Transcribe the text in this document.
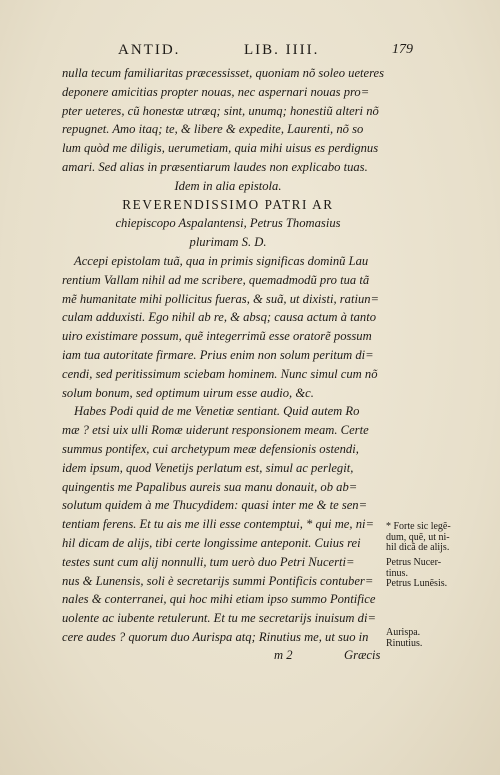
ANTID.	LIB. IIII.	179
nulla tecum familiaritas præcessisset, quoniam nõ soleo ueteres
deponere amicitias propter nouas, nec aspernari nouas pro=
pter ueteres, cũ honestæ utræq; sint, unumq; honestiũ alteri nõ
repugnet. Amo itaq; te, & libere & expedite, Laurenti, nõ so
lum quòd me diligis, uerumetiam, quia mihi uisus es perdignus
amari. Sed alias in præsentiarum laudes non explicabo tuas.
Idem in alia epistola.
REVERENDISSIMO PATRI AR
chiepiscopo Aspalantensi, Petrus Thomasius
plurimam S. D.
Accepi epistolam tuã, qua in primis significas dominũ Lau
rentium Vallam nihil ad me scribere, quemadmodũ pro tua tã
mẽ humanitate mihi pollicitus fueras, & suã, ut dixisti, ratiun=
culam adduxisti. Ego nihil ab re, & absq; causa actum à tanto
uiro existimare possum, quẽ integerrimũ esse oratorẽ possum
iam tua autoritate firmare. Prius enim non solum peritum di=
cendi, sed peritissimum sciebam hominem. Nunc simul cum nõ
solum bonum, sed optimum uirum esse audio, &c.
Habes Podi quid de me Venetiæ sentiant. Quid autem Ro
mæ ? etsi uix ulli Romæ uiderunt responsionem meam. Certe
summus pontifex, cui archetypum meæ defensionis ostendi,
idem ipsum, quod Venetijs perlatum est, simul ac perlegit,
quingentis me Papalibus aureis sua manu donauit, ob ab=
solutum quidem à me Thucydidem: quasi inter me & te sen=
tentiam ferens. Et tu ais me illi esse contemptui, * qui me, ni=
hil dicam de alijs, tibi certe longissime anteponit. Cuius rei
testes sunt cum alij nonnulli, tum uerò duo Petri Nucerti=
nus & Lunensis, soli è secretarijs summi Pontificis contuber=
nales & conterranei, qui hoc mihi etiam ipso summo Pontifice
uolente ac iubente retulerunt. Et tu me secretarijs inuisum di=
cere audes ? quorum duo Aurispa atq; Rinutius me, ut suo in
m 2	Græcis
* Forte sic legẽ-
dum, quẽ, ut ni-
hil dicã de alijs.
Petrus Nucer-
tinus.
Petrus Lunẽsis.
Aurispa.
Rinutius.
